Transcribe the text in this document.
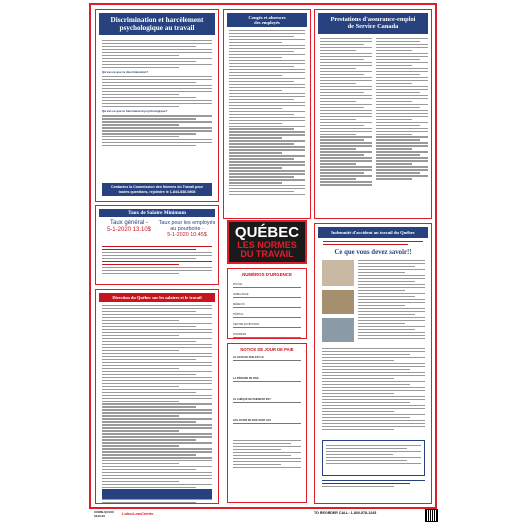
Discrimination et harcèlement
psychologique au travail
Qu'est-ce que la discrimination?
Qu'est-ce que le harcèlement psychologique?
Contactez la Commission des Normes du Travail pour
toutes questions, rejoindre le 1-844-838-0808
Congés et absences
des employés	Prestations d'assurance-emploi
de Service Canada
Taux de Salaire Minimum
Taux général -
5-1-2020 13.10$
Taux pour les employés
au pourboire -
5-1-2020 10.45$
Direction du Québec sur les salaires et le travail
QUÉBEC
LES NORMES
DU TRAVAIL
NUMÉROS D'URGENCE
POLICE
AMBULANCE
MÉDECIN
HÔPITAL
CENTRE ANTIPOISON
POMPIERS
NOTICE DE JOUR DE PAIE
LE JOUR DE PAIE EST LE
LA PÉRIODE DE PAIE
LE CHÈQUE DE PAIEMENT EST
LES JOURS DE PAIE SONT LES
Indemnité d'accident au travail du Québec
Ce que vous devez savoir!!
COMB-QC100
0123-20	LaborLawCenter	TO REORDER CALL: 1-800-578-1245
